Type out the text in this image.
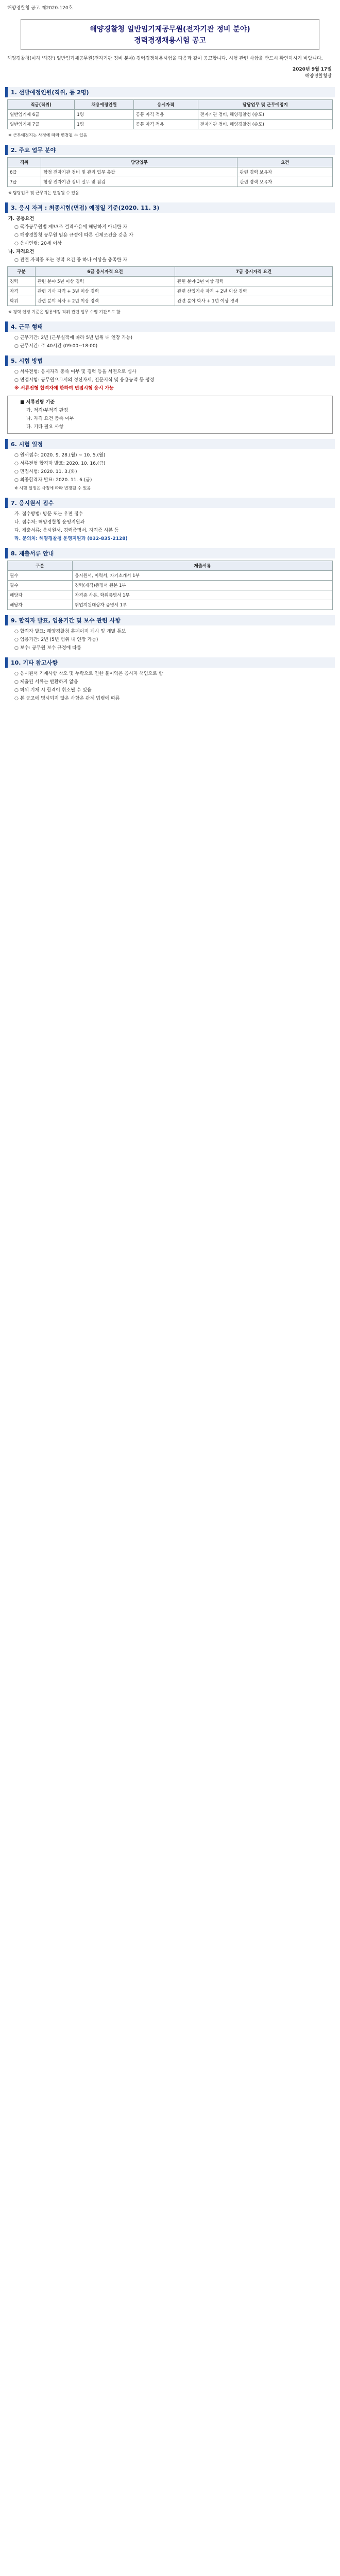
해양경찰청 공고 제2020-120호
해양경찰청 일반임기제공무원(전자기관 정비 분야)
경력경쟁채용시험 공고
해양경찰청(이하 '해경') 일반임기제공무원(전자기관 정비 분야) 경력경쟁채용시험을 다음과 같이 공고합니다. 시험 관련 사항을 반드시 확인하시기 바랍니다.
2020년 9월 17일
해양경찰청장
1. 선발예정인원(직위, 등 2명)
직급(직위)	채용예정인원	응시자격	담당업무 및 근무예정지
일반임기제 6급	1명	공통 자격 적용	전자기관 정비, 해양경찰청 (송도)
일반임기제 7급	1명	공통 자격 적용	전자기관 정비, 해양경찰청 (송도)
※ 근무예정지는 사정에 따라 변경될 수 있음
2. 주요 업무 분야
직위	담당업무	요건
6급	함정 전자기관 정비 및 관리 업무 총괄	관련 경력 보유자
7급	함정 전자기관 정비 실무 및 점검	관련 경력 보유자
※ 담당업무 및 근무지는 변경될 수 있음
3. 응시 자격 : 최종시험(면접) 예정일 기준(2020. 11. 3)
가. 공통요건
○ 국가공무원법 제33조 결격사유에 해당하지 아니한 자
○ 해양경찰청 공무원 임용 규정에 따른 신체조건을 갖춘 자
○ 응시연령: 20세 이상
나. 자격요건
○ 관련 자격증 또는 경력 요건 중 하나 이상을 충족한 자
구분	6급 응시자격 요건	7급 응시자격 요건
경력	관련 분야 5년 이상 경력	관련 분야 3년 이상 경력
자격	관련 기사 자격 + 3년 이상 경력	관련 산업기사 자격 + 2년 이상 경력
학위	관련 분야 석사 + 2년 이상 경력	관련 분야 학사 + 1년 이상 경력
※ 경력 인정 기준은 임용예정 직위 관련 업무 수행 기간으로 함
4. 근무 형태
○ 근무기간: 2년 (근무실적에 따라 5년 범위 내 연장 가능)
○ 근무시간: 주 40시간 (09:00~18:00)
5. 시험 방법
○ 서류전형: 응시자격 충족 여부 및 경력 등을 서면으로 심사
○ 면접시험: 공무원으로서의 정신자세, 전문지식 및 응용능력 등 평정
※ 서류전형 합격자에 한하여 면접시험 응시 가능
■ 서류전형 기준
가. 적격/부적격 판정
나. 자격 요건 충족 여부
다. 기타 필요 사항
6. 시험 일정
○ 원서접수: 2020. 9. 28.(월) ~ 10. 5.(월)
○ 서류전형 합격자 발표: 2020. 10. 16.(금)
○ 면접시험: 2020. 11. 3.(화)
○ 최종합격자 발표: 2020. 11. 6.(금)
※ 시험 일정은 사정에 따라 변경될 수 있음
7. 응시원서 접수
가. 접수방법: 방문 또는 우편 접수
나. 접수처: 해양경찰청 운영지원과
다. 제출서류: 응시원서, 경력증명서, 자격증 사본 등
라. 문의처: 해양경찰청 운영지원과 (032-835-2128)
8. 제출서류 안내
구분	제출서류
필수	응시원서, 이력서, 자기소개서 1부
필수	경력(재직)증명서 원본 1부
해당자	자격증 사본, 학위증명서 1부
해당자	취업지원대상자 증명서 1부
9. 합격자 발표, 임용기간 및 보수 관련 사항
○ 합격자 발표: 해양경찰청 홈페이지 게시 및 개별 통보
○ 임용기간: 2년 (5년 범위 내 연장 가능)
○ 보수: 공무원 보수 규정에 따름
10. 기타 참고사항
○ 응시원서 기재사항 착오 및 누락으로 인한 불이익은 응시자 책임으로 함
○ 제출된 서류는 반환하지 않음
○ 허위 기재 시 합격이 취소될 수 있음
○ 본 공고에 명시되지 않은 사항은 관계 법령에 따름
